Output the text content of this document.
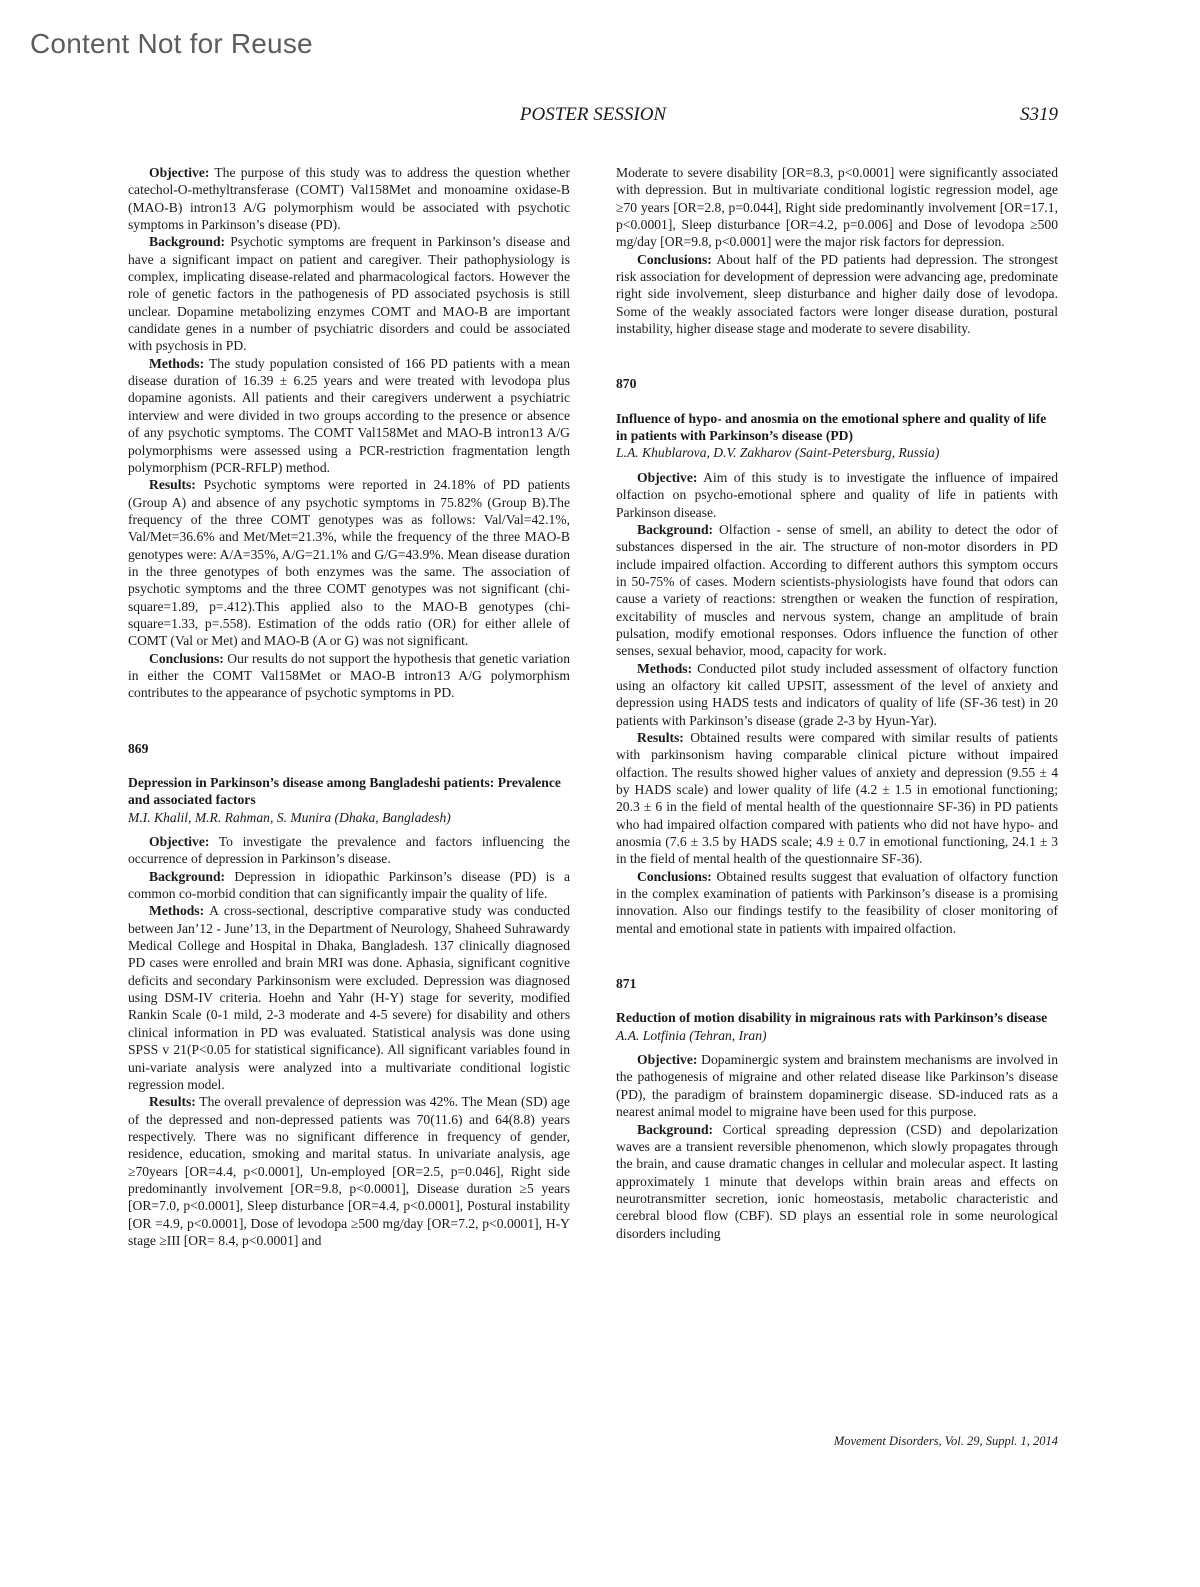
Content Not for Reuse
POSTER SESSION	S319

Objective: The purpose of this study was to address the question whether catechol-O-methyltransferase (COMT) Val158Met and monoamine oxidase-B (MAO-B) intron13 A/G polymorphism would be associated with psychotic symptoms in Parkinson’s disease (PD).

Background: Psychotic symptoms are frequent in Parkinson’s disease and have a significant impact on patient and caregiver. Their pathophysiology is complex, implicating disease-related and pharmacological factors. However the role of genetic factors in the pathogenesis of PD associated psychosis is still unclear. Dopamine metabolizing enzymes COMT and MAO-B are important candidate genes in a number of psychiatric disorders and could be associated with psychosis in PD.

Methods: The study population consisted of 166 PD patients with a mean disease duration of 16.39 ± 6.25 years and were treated with levodopa plus dopamine agonists. All patients and their caregivers underwent a psychiatric interview and were divided in two groups according to the presence or absence of any psychotic symptoms. The COMT Val158Met and MAO-B intron13 A/G polymorphisms were assessed using a PCR-restriction fragmentation length polymorphism (PCR-RFLP) method.

Results: Psychotic symptoms were reported in 24.18% of PD patients (Group A) and absence of any psychotic symptoms in 75.82% (Group B).The frequency of the three COMT genotypes was as follows: Val/Val=42.1%, Val/Met=36.6% and Met/Met=21.3%, while the frequency of the three MAO-B genotypes were: A/A=35%, A/G=21.1% and G/G=43.9%. Mean disease duration in the three genotypes of both enzymes was the same. The association of psychotic symptoms and the three COMT genotypes was not significant (chi-square=1.89, p=.412).This applied also to the MAO-B genotypes (chi-square=1.33, p=.558). Estimation of the odds ratio (OR) for either allele of COMT (Val or Met) and MAO-B (A or G) was not significant.

Conclusions: Our results do not support the hypothesis that genetic variation in either the COMT Val158Met or MAO-B intron13 A/G polymorphism contributes to the appearance of psychotic symptoms in PD.

869
Depression in Parkinson’s disease among Bangladeshi patients: Prevalence and associated factors
M.I. Khalil, M.R. Rahman, S. Munira (Dhaka, Bangladesh)

Objective: To investigate the prevalence and factors influencing the occurrence of depression in Parkinson’s disease.

Background: Depression in idiopathic Parkinson’s disease (PD) is a common co-morbid condition that can significantly impair the quality of life.

Methods: A cross-sectional, descriptive comparative study was conducted between Jan’12 - June’13, in the Department of Neurology, Shaheed Suhrawardy Medical College and Hospital in Dhaka, Bangladesh. 137 clinically diagnosed PD cases were enrolled and brain MRI was done. Aphasia, significant cognitive deficits and secondary Parkinsonism were excluded. Depression was diagnosed using DSM-IV criteria. Hoehn and Yahr (H-Y) stage for severity, modified Rankin Scale (0-1 mild, 2-3 moderate and 4-5 severe) for disability and others clinical information in PD was evaluated. Statistical analysis was done using SPSS v 21(P<0.05 for statistical significance). All significant variables found in uni-variate analysis were analyzed into a multivariate conditional logistic regression model.

Results: The overall prevalence of depression was 42%. The Mean (SD) age of the depressed and non-depressed patients was 70(11.6) and 64(8.8) years respectively. There was no significant difference in frequency of gender, residence, education, smoking and marital status. In univariate analysis, age ≥70years [OR=4.4, p<0.0001], Un-employed [OR=2.5, p=0.046], Right side predominantly involvement [OR=9.8, p<0.0001], Disease duration ≥5 years [OR=7.0, p<0.0001], Sleep disturbance [OR=4.4, p<0.0001], Postural instability [OR =4.9, p<0.0001], Dose of levodopa ≥500 mg/day [OR=7.2, p<0.0001], H-Y stage ≥III [OR= 8.4, p<0.0001] and

Moderate to severe disability [OR=8.3, p<0.0001] were significantly associated with depression. But in multivariate conditional logistic regression model, age ≥70 years [OR=2.8, p=0.044], Right side predominantly involvement [OR=17.1, p<0.0001], Sleep disturbance [OR=4.2, p=0.006] and Dose of levodopa ≥500 mg/day [OR=9.8, p<0.0001] were the major risk factors for depression.

Conclusions: About half of the PD patients had depression. The strongest risk association for development of depression were advancing age, predominate right side involvement, sleep disturbance and higher daily dose of levodopa. Some of the weakly associated factors were longer disease duration, postural instability, higher disease stage and moderate to severe disability.

870
Influence of hypo- and anosmia on the emotional sphere and quality of life in patients with Parkinson’s disease (PD)
L.A. Khublarova, D.V. Zakharov (Saint-Petersburg, Russia)

Objective: Aim of this study is to investigate the influence of impaired olfaction on psycho-emotional sphere and quality of life in patients with Parkinson disease.

Background: Olfaction - sense of smell, an ability to detect the odor of substances dispersed in the air. The structure of non-motor disorders in PD include impaired olfaction. According to different authors this symptom occurs in 50-75% of cases. Modern scientists-physiologists have found that odors can cause a variety of reactions: strengthen or weaken the function of respiration, excitability of muscles and nervous system, change an amplitude of brain pulsation, modify emotional responses. Odors influence the function of other senses, sexual behavior, mood, capacity for work.

Methods: Conducted pilot study included assessment of olfactory function using an olfactory kit called UPSIT, assessment of the level of anxiety and depression using HADS tests and indicators of quality of life (SF-36 test) in 20 patients with Parkinson’s disease (grade 2-3 by Hyun-Yar).

Results: Obtained results were compared with similar results of patients with parkinsonism having comparable clinical picture without impaired olfaction. The results showed higher values of anxiety and depression (9.55 ± 4 by HADS scale) and lower quality of life (4.2 ± 1.5 in emotional functioning; 20.3 ± 6 in the field of mental health of the questionnaire SF-36) in PD patients who had impaired olfaction compared with patients who did not have hypo- and anosmia (7.6 ± 3.5 by HADS scale; 4.9 ± 0.7 in emotional functioning, 24.1 ± 3 in the field of mental health of the questionnaire SF-36).

Conclusions: Obtained results suggest that evaluation of olfactory function in the complex examination of patients with Parkinson’s disease is a promising innovation. Also our findings testify to the feasibility of closer monitoring of mental and emotional state in patients with impaired olfaction.

871
Reduction of motion disability in migrainous rats with Parkinson’s disease
A.A. Lotfinia (Tehran, Iran)

Objective: Dopaminergic system and brainstem mechanisms are involved in the pathogenesis of migraine and other related disease like Parkinson’s disease (PD), the paradigm of brainstem dopaminergic disease. SD-induced rats as a nearest animal model to migraine have been used for this purpose.

Background: Cortical spreading depression (CSD) and depolarization waves are a transient reversible phenomenon, which slowly propagates through the brain, and cause dramatic changes in cellular and molecular aspect. It lasting approximately 1 minute that develops within brain areas and effects on neurotransmitter secretion, ionic homeostasis, metabolic characteristic and cerebral blood flow (CBF). SD plays an essential role in some neurological disorders including

Movement Disorders, Vol. 29, Suppl. 1, 2014
